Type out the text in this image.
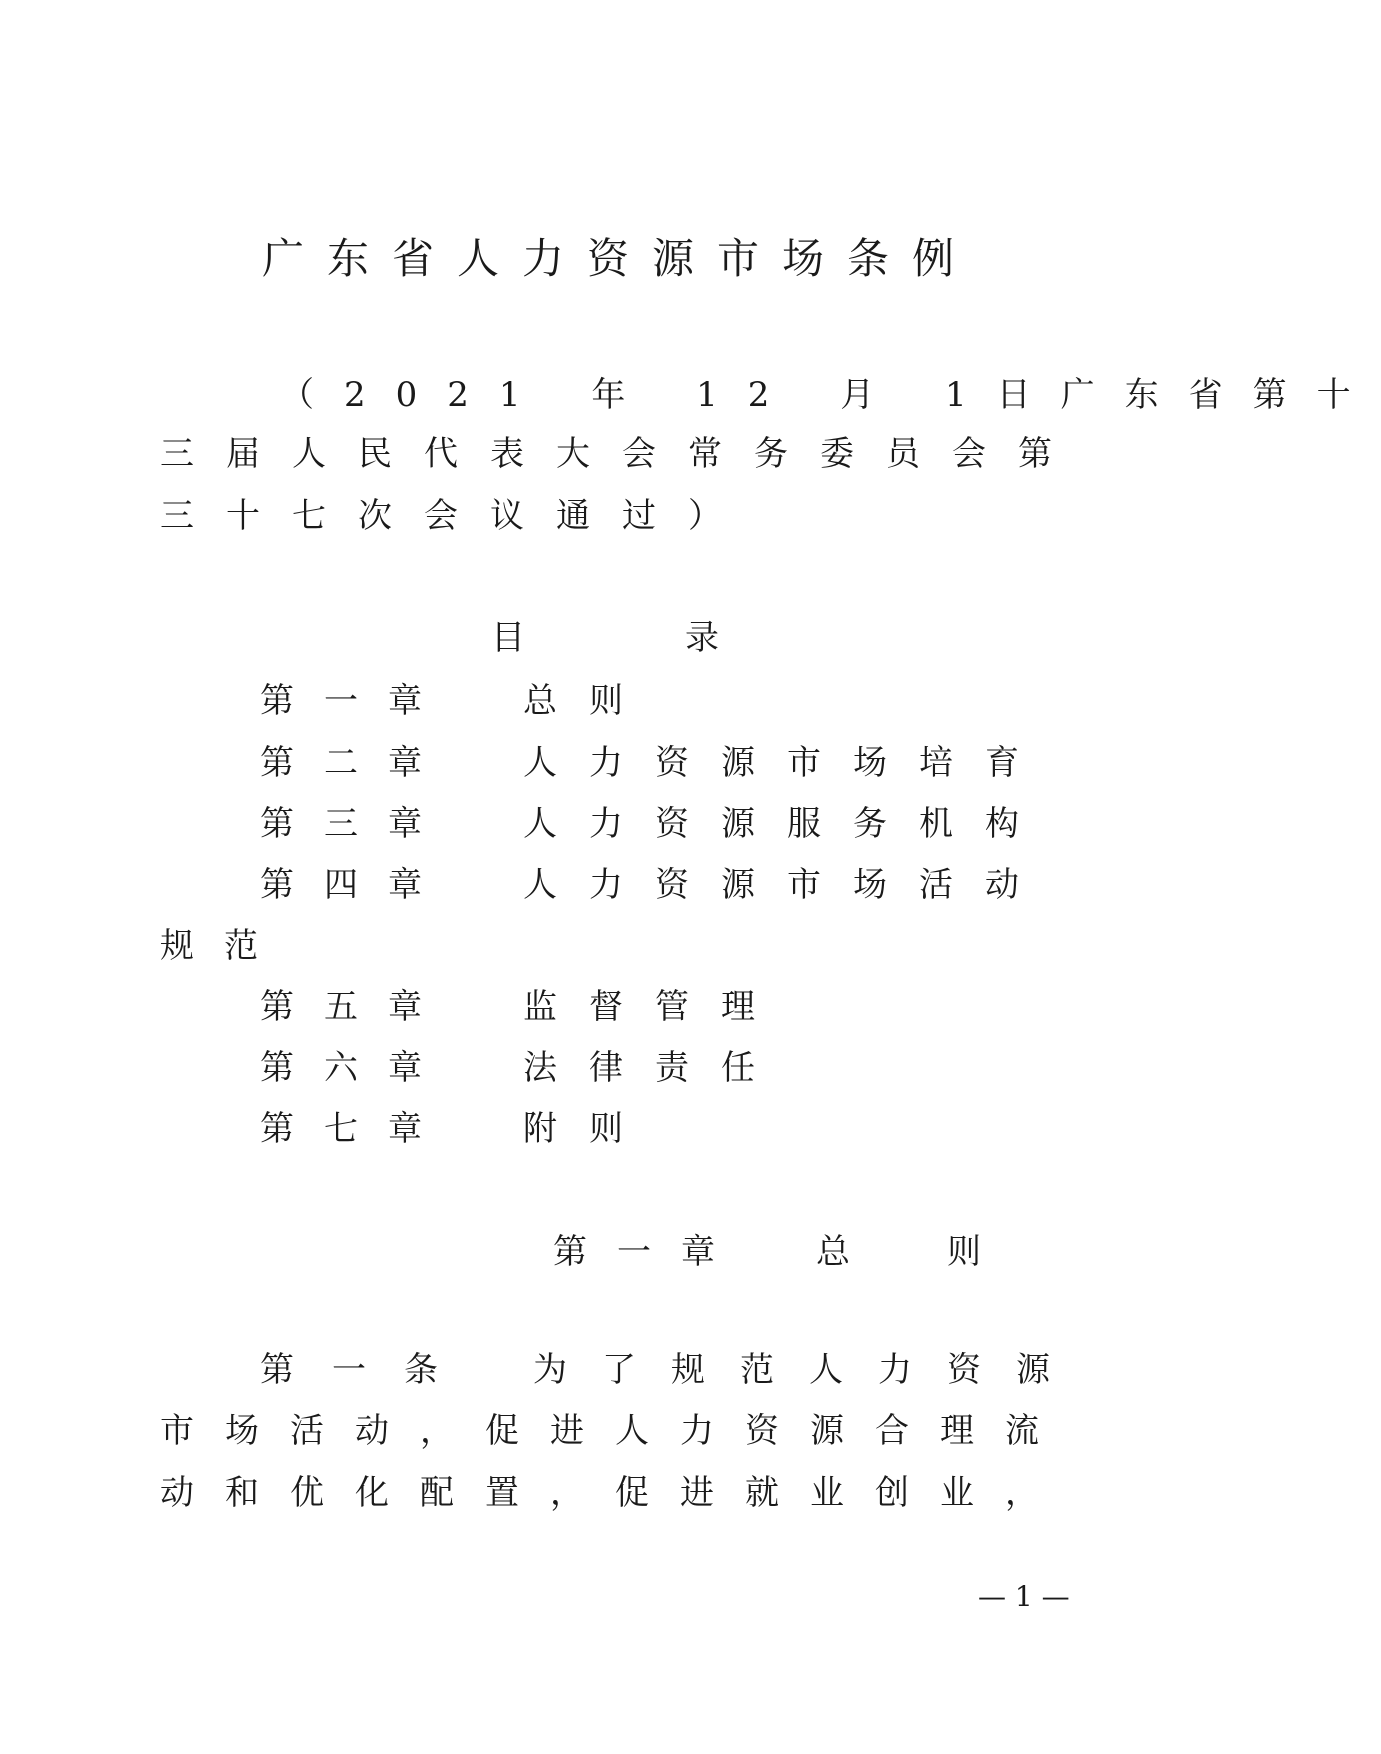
广东省人力资源市场条例
（2021 年 12 月 1日广东省第十
三届人民代表大会常务委员会第
三十七次会议通过）
目	录
第一章 总则
第二章 人力资源市场培育
第三章 人力资源服务机构
第四章 人力资源市场活动
规范
第五章 监督管理
第六章 法律责任
第七章 附则
第一章 总	则
第一条 为了规范人力资源
市场活动，促进人力资源合理流
动和优化配置，促进就业创业，
— 1 —
